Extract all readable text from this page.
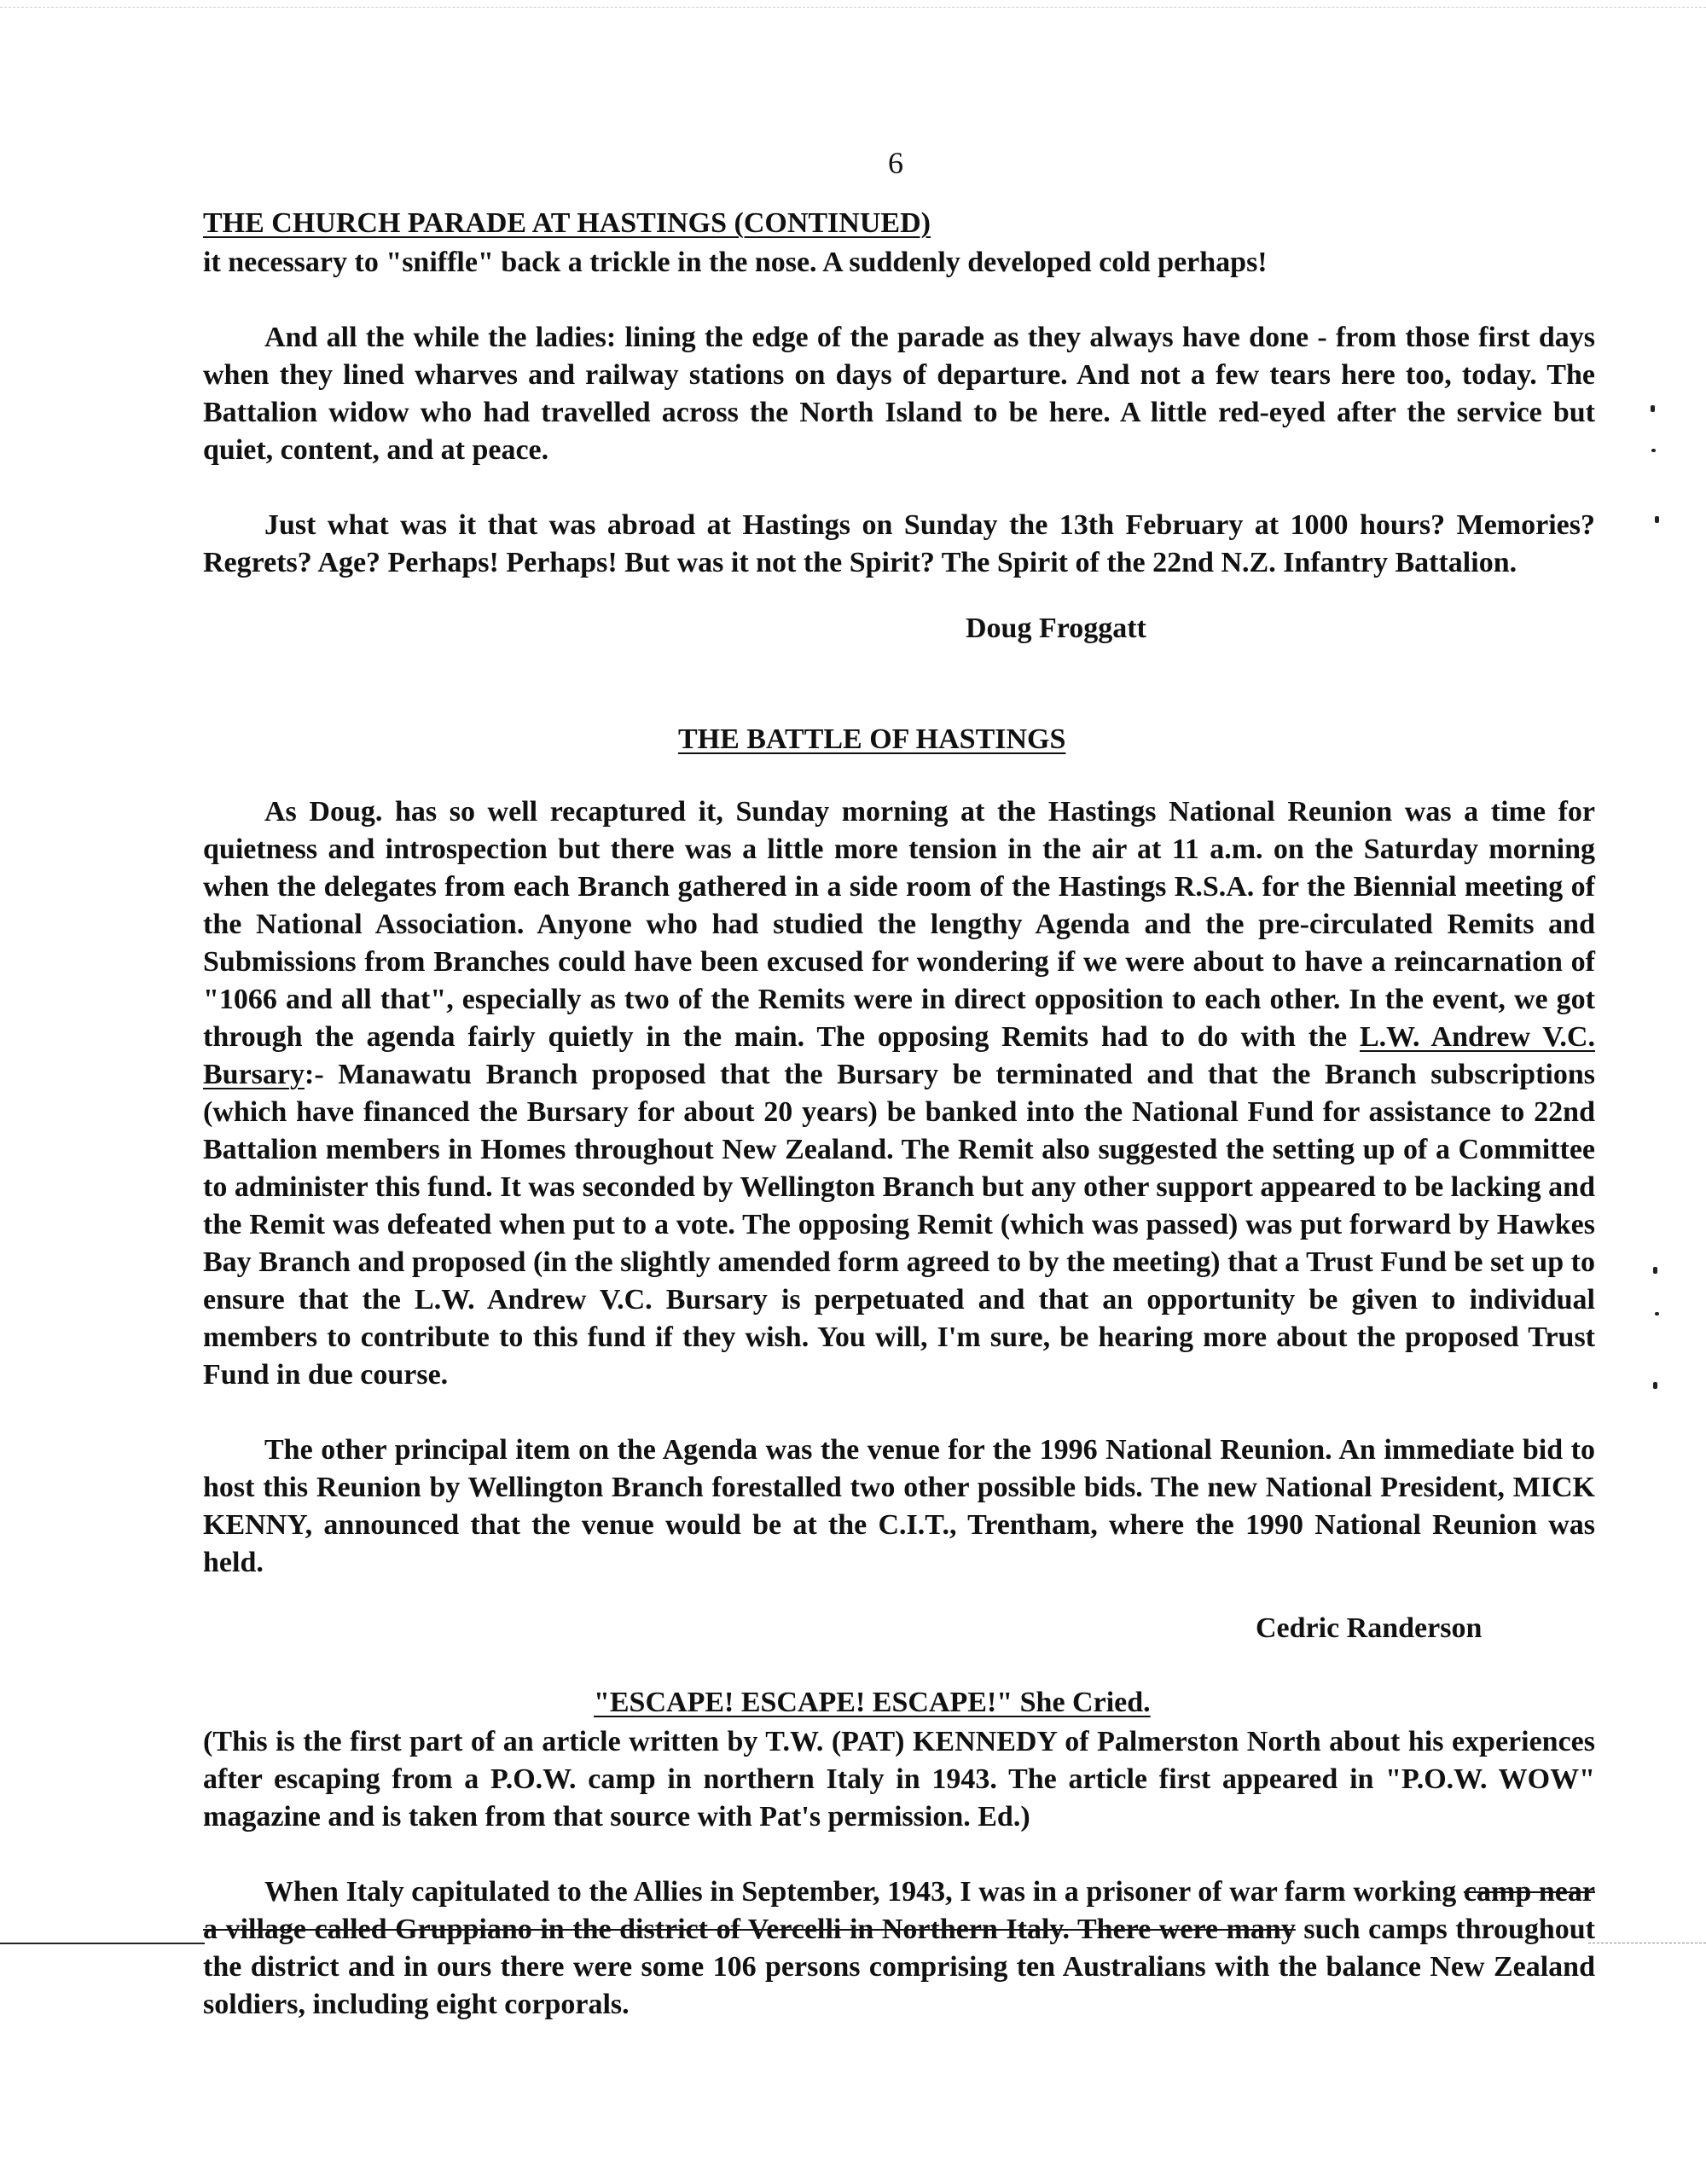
6
THE CHURCH PARADE AT HASTINGS (CONTINUED)

it necessary to "sniffle" back a trickle in the nose. A suddenly developed cold perhaps!

And all the while the ladies: lining the edge of the parade as they always have done - from those first days when they lined wharves and railway stations on days of departure. And not a few tears here too, today. The Battalion widow who had travelled across the North Island to be here. A little red-eyed after the service but quiet, content, and at peace.

Just what was it that was abroad at Hastings on Sunday the 13th February at 1000 hours? Memories? Regrets? Age? Perhaps! Perhaps! But was it not the Spirit? The Spirit of the 22nd N.Z. Infantry Battalion.

Doug Froggatt
THE BATTLE OF HASTINGS

As Doug. has so well recaptured it, Sunday morning at the Hastings National Reunion was a time for quietness and introspection but there was a little more tension in the air at 11 a.m. on the Saturday morning when the delegates from each Branch gathered in a side room of the Hastings R.S.A. for the Biennial meeting of the National Association. Anyone who had studied the lengthy Agenda and the pre-circulated Remits and Submissions from Branches could have been excused for wondering if we were about to have a reincarnation of "1066 and all that", especially as two of the Remits were in direct opposition to each other. In the event, we got through the agenda fairly quietly in the main. The opposing Remits had to do with the L.W. Andrew V.C. Bursary:- Manawatu Branch proposed that the Bursary be terminated and that the Branch subscriptions (which have financed the Bursary for about 20 years) be banked into the National Fund for assistance to 22nd Battalion members in Homes throughout New Zealand. The Remit also suggested the setting up of a Committee to administer this fund. It was seconded by Wellington Branch but any other support appeared to be lacking and the Remit was defeated when put to a vote. The opposing Remit (which was passed) was put forward by Hawkes Bay Branch and proposed (in the slightly amended form agreed to by the meeting) that a Trust Fund be set up to ensure that the L.W. Andrew V.C. Bursary is perpetuated and that an opportunity be given to individual members to contribute to this fund if they wish. You will, I'm sure, be hearing more about the proposed Trust Fund in due course.

The other principal item on the Agenda was the venue for the 1996 National Reunion. An immediate bid to host this Reunion by Wellington Branch forestalled two other possible bids. The new National President, MICK KENNY, announced that the venue would be at the C.I.T., Trentham, where the 1990 National Reunion was held.

Cedric Randerson
"ESCAPE! ESCAPE! ESCAPE!" She Cried.

(This is the first part of an article written by T.W. (PAT) KENNEDY of Palmerston North about his experiences after escaping from a P.O.W. camp in northern Italy in 1943. The article first appeared in "P.O.W. WOW" magazine and is taken from that source with Pat's permission. Ed.)

When Italy capitulated to the Allies in September, 1943, I was in a prisoner of war farm working camp near a village called Gruppiano in the district of Vercelli in Northern Italy. There were many such camps throughout the district and in ours there were some 106 persons comprising ten Australians with the balance New Zealand soldiers, including eight corporals.
